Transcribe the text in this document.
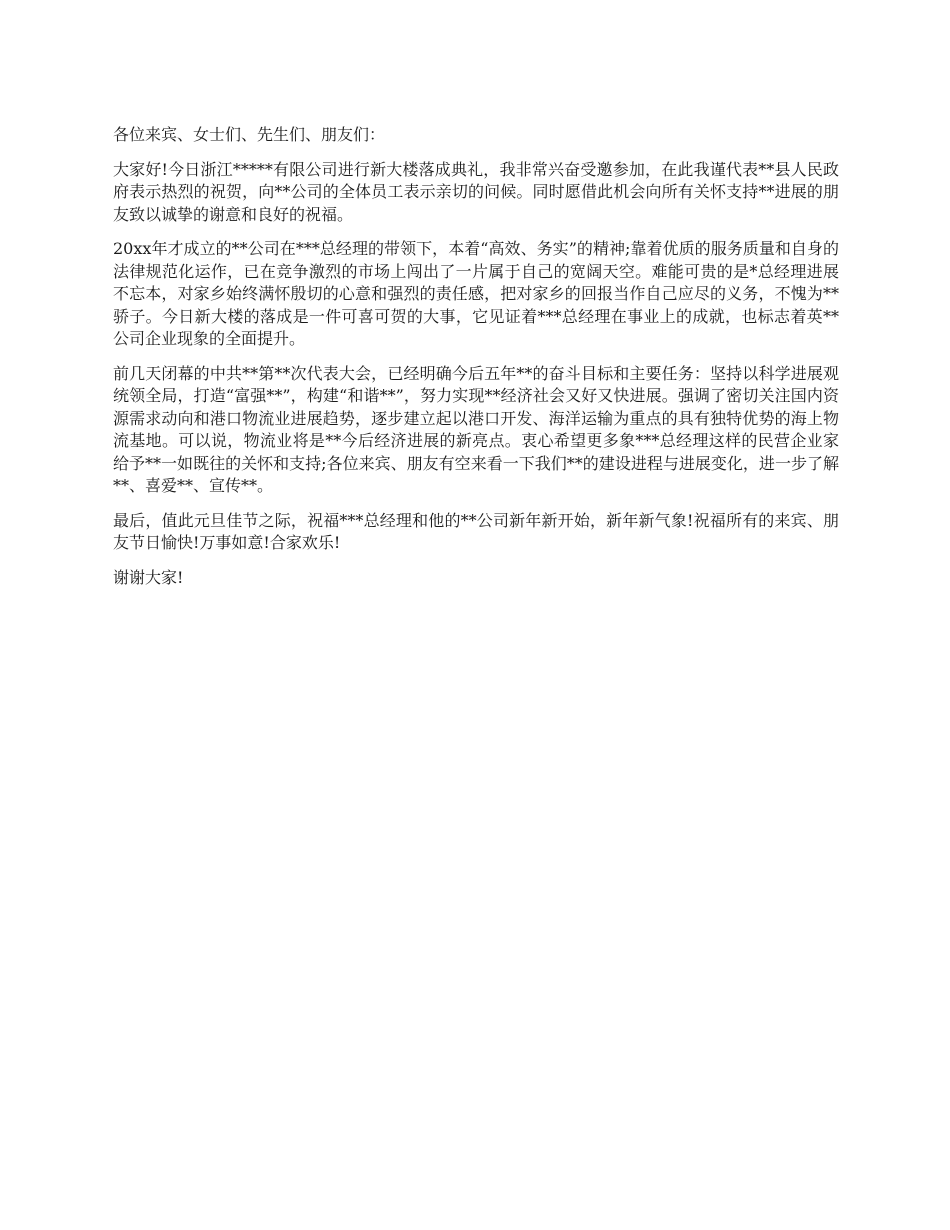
各位来宾、女士们、先生们、朋友们：

大家好!今日浙江*****有限公司进行新大楼落成典礼，我非常兴奋受邀参加，在此我谨代表**县人民政府表示热烈的祝贺，向**公司的全体员工表示亲切的问候。同时愿借此机会向所有关怀支持**进展的朋友致以诚挚的谢意和良好的祝福。

20xx年才成立的**公司在***总经理的带领下，本着“高效、务实”的精神;靠着优质的服务质量和自身的法律规范化运作，已在竞争激烈的市场上闯出了一片属于自己的宽阔天空。难能可贵的是*总经理进展不忘本，对家乡始终满怀殷切的心意和强烈的责任感，把对家乡的回报当作自己应尽的义务，不愧为**骄子。今日新大楼的落成是一件可喜可贺的大事，它见证着***总经理在事业上的成就，也标志着英**公司企业现象的全面提升。

前几天闭幕的中共**第**次代表大会，已经明确今后五年**的奋斗目标和主要任务：坚持以科学进展观统领全局，打造“富强**”，构建“和谐**”，努力实现**经济社会又好又快进展。强调了密切关注国内资源需求动向和港口物流业进展趋势，逐步建立起以港口开发、海洋运输为重点的具有独特优势的海上物流基地。可以说，物流业将是**今后经济进展的新亮点。衷心希望更多象***总经理这样的民营企业家给予**一如既往的关怀和支持;各位来宾、朋友有空来看一下我们**的建设进程与进展变化，进一步了解**、喜爱**、宣传**。

最后，值此元旦佳节之际，祝福***总经理和他的**公司新年新开始，新年新气象!祝福所有的来宾、朋友节日愉快!万事如意!合家欢乐!

谢谢大家!
